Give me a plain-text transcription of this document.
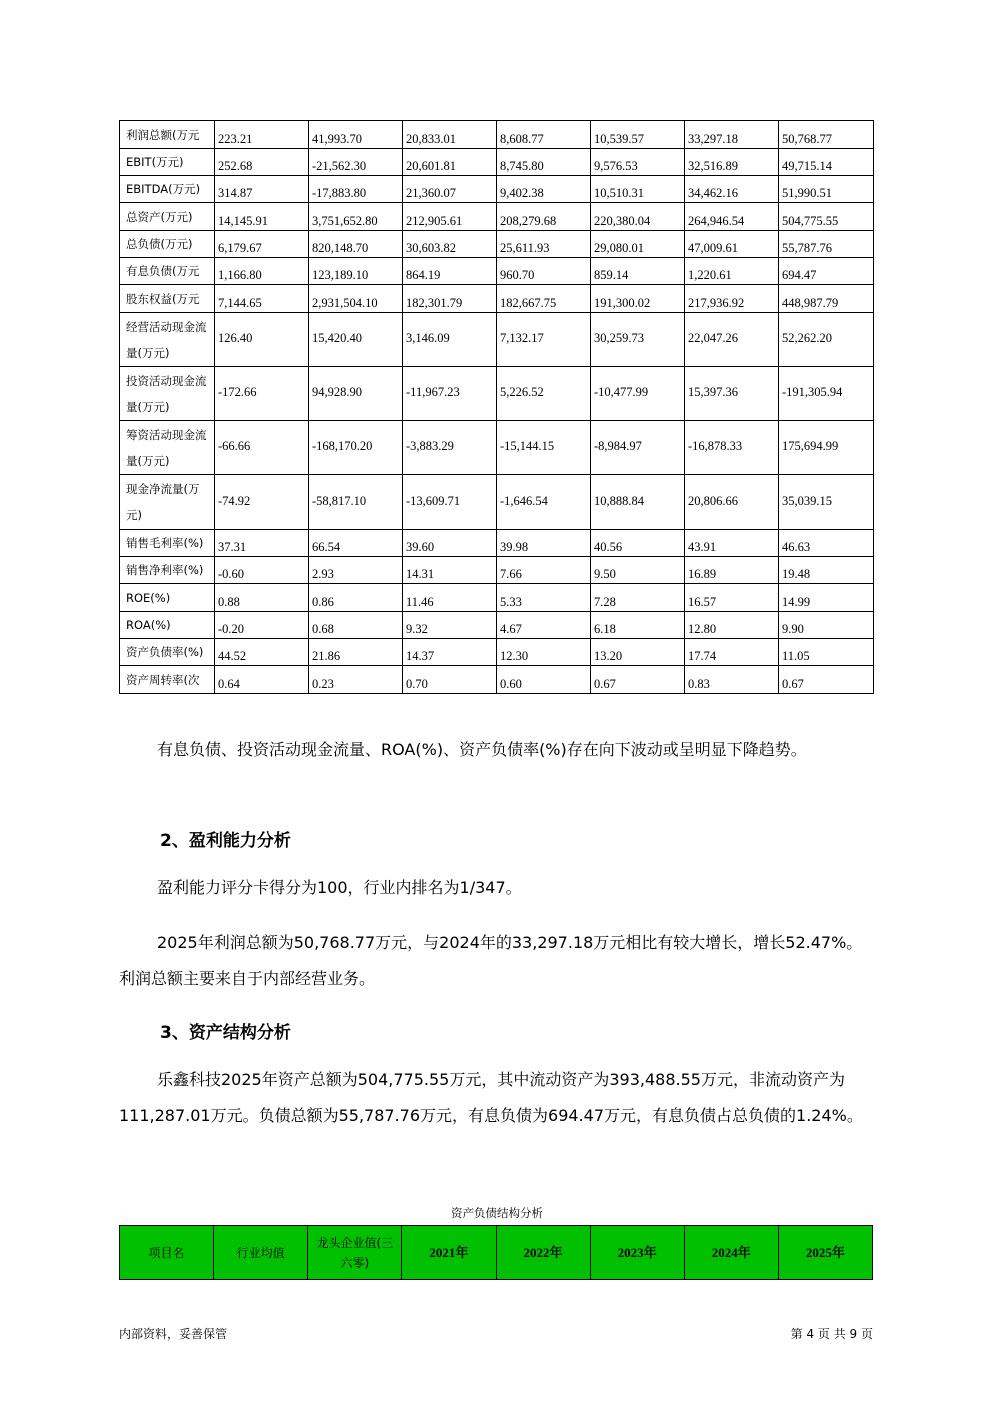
利润总额(万元	223.21	41,993.70	20,833.01	8,608.77	10,539.57	33,297.18	50,768.77
EBIT(万元)	252.68	-21,562.30	20,601.81	8,745.80	9,576.53	32,516.89	49,715.14
EBITDA(万元)	314.87	-17,883.80	21,360.07	9,402.38	10,510.31	34,462.16	51,990.51
总资产(万元)	14,145.91	3,751,652.80	212,905.61	208,279.68	220,380.04	264,946.54	504,775.55
总负债(万元)	6,179.67	820,148.70	30,603.82	25,611.93	29,080.01	47,009.61	55,787.76
有息负债(万元	1,166.80	123,189.10	864.19	960.70	859.14	1,220.61	694.47
股东权益(万元	7,144.65	2,931,504.10	182,301.79	182,667.75	191,300.02	217,936.92	448,987.79
经营活动现金流量(万元)	126.40	15,420.40	3,146.09	7,132.17	30,259.73	22,047.26	52,262.20
投资活动现金流量(万元)	-172.66	94,928.90	-11,967.23	5,226.52	-10,477.99	15,397.36	-191,305.94
筹资活动现金流量(万元)	-66.66	-168,170.20	-3,883.29	-15,144.15	-8,984.97	-16,878.33	175,694.99
现金净流量(万元)	-74.92	-58,817.10	-13,609.71	-1,646.54	10,888.84	20,806.66	35,039.15
销售毛利率(%)	37.31	66.54	39.60	39.98	40.56	43.91	46.63
销售净利率(%)	-0.60	2.93	14.31	7.66	9.50	16.89	19.48
ROE(%)	0.88	0.86	11.46	5.33	7.28	16.57	14.99
ROA(%)	-0.20	0.68	9.32	4.67	6.18	12.80	9.90
资产负债率(%)	44.52	21.86	14.37	12.30	13.20	17.74	11.05
资产周转率(次	0.64	0.23	0.70	0.60	0.67	0.83	0.67

有息负债、投资活动现金流量、ROA(%)、资产负债率(%)存在向下波动或呈明显下降趋势。

2、盈利能力分析

盈利能力评分卡得分为100，行业内排名为1/347。

2025年利润总额为50,768.77万元，与2024年的33,297.18万元相比有较大增长，增长52.47%。利润总额主要来自于内部经营业务。

3、资产结构分析

乐鑫科技2025年资产总额为504,775.55万元，其中流动资产为393,488.55万元，非流动资产为111,287.01万元。负债总额为55,787.76万元，有息负债为694.47万元，有息负债占总负债的1.24%。

资产负债结构分析
项目名	行业均值	龙头企业值(三六零)	2021年	2022年	2023年	2024年	2025年
内部资料，妥善保管	第 4 页 共 9 页
